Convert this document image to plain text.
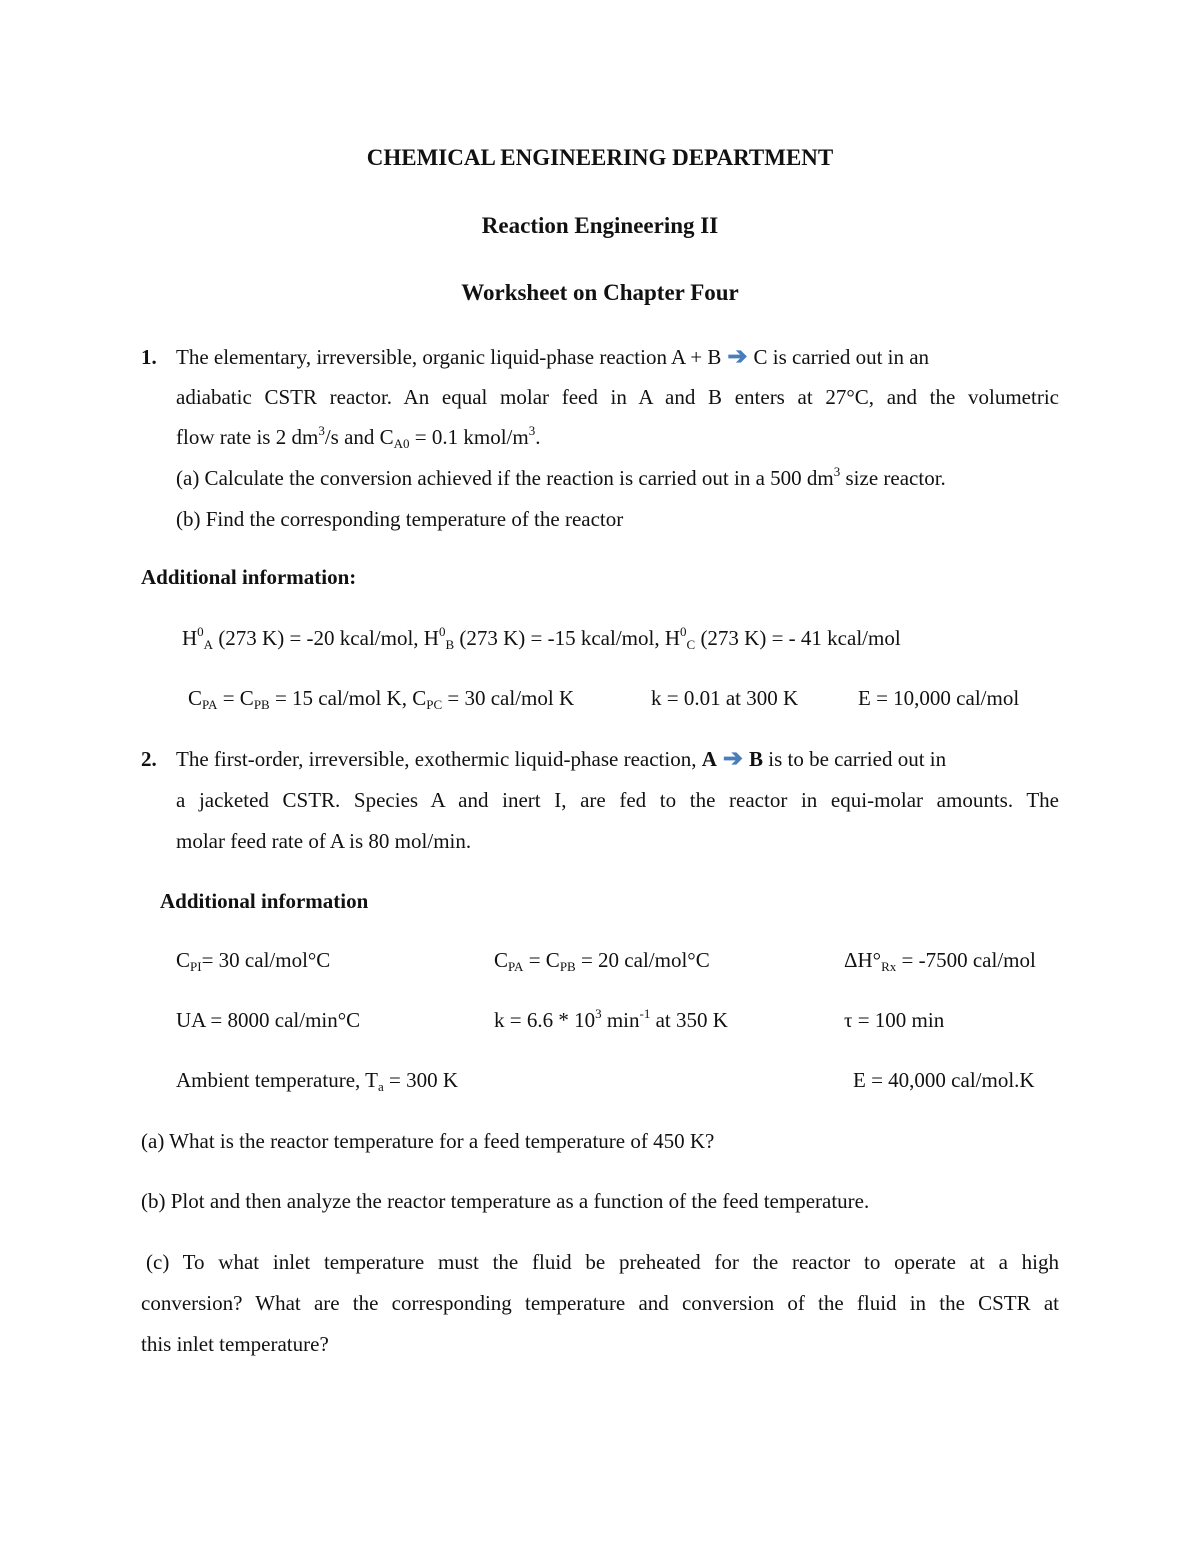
CHEMICAL ENGINEERING DEPARTMENT
Reaction Engineering II
Worksheet on Chapter Four
1. The elementary, irreversible, organic liquid-phase reaction A + B ➔ C is carried out in an
adiabatic CSTR reactor. An equal molar feed in A and B enters at 27°C, and the volumetric
flow rate is 2 $dm^3/s$ and $C_{A0} = 0.1$ kmol/$m^3$.
(a) Calculate the conversion achieved if the reaction is carried out in a 500 $dm^3$ size reactor.
(b) Find the corresponding temperature of the reactor
Additional information:
$H^0_A$ (273 K) = -20 kcal/mol, $H^0_B$ (273 K) = -15 kcal/mol, $H^0_C$ (273 K) = - 41 kcal/mol
$C_{PA} = C_{PB} = 15$ cal/mol K, $C_{PC} = 30$ cal/mol K	k = 0.01 at 300 K	E = 10,000 cal/mol
2. The first-order, irreversible, exothermic liquid-phase reaction, A ➔ B is to be carried out in
a jacketed CSTR. Species A and inert I, are fed to the reactor in equi-molar amounts. The
molar feed rate of A is 80 mol/min.
Additional information
$C_{PI}= 30$ cal/mol°C	$C_{PA} = C_{PB} = 20$ cal/mol°C	$\Delta H^\circ_{Rx} = -7500$ cal/mol
UA = 8000 cal/min°C	$k = 6.6 * 10^3$ $\min^{-1}$ at 350 K	τ = 100 min
Ambient temperature, $T_a = 300$ K	E = 40,000 cal/mol.K
(a) What is the reactor temperature for a feed temperature of 450 K?
(b) Plot and then analyze the reactor temperature as a function of the feed temperature.
(c) To what inlet temperature must the fluid be preheated for the reactor to operate at a high
conversion? What are the corresponding temperature and conversion of the fluid in the CSTR at
this inlet temperature?
